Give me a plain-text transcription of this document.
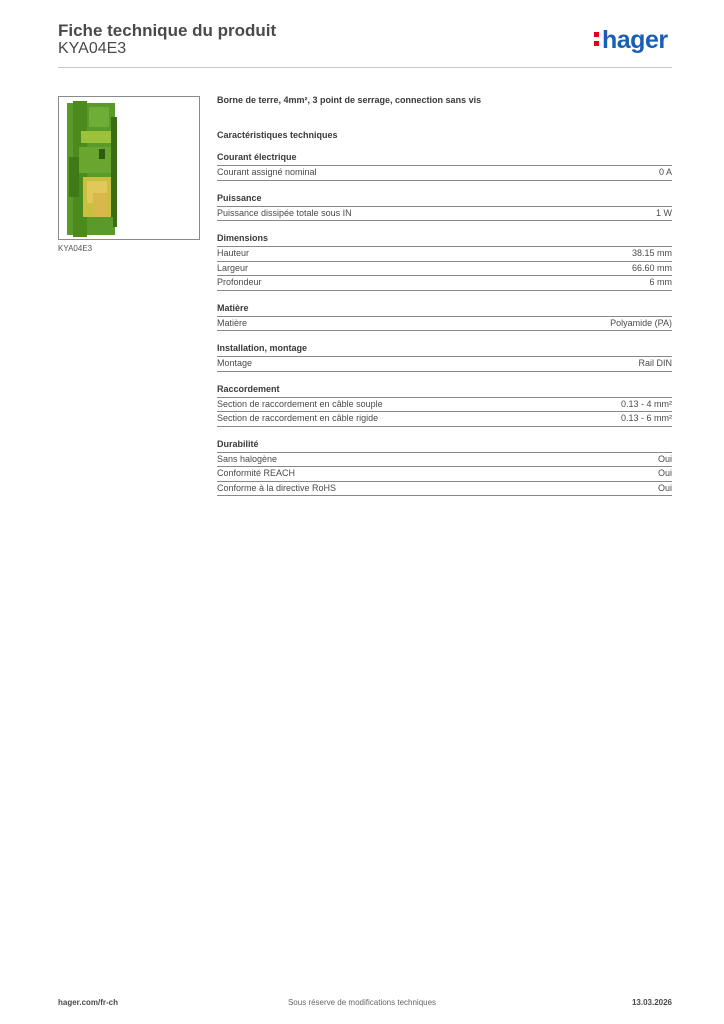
Fiche technique du produit
KYA04E3	hager
KYA04E3
Borne de terre, 4mm², 3 point de serrage, connection sans vis
Caractéristiques techniques
Courant électrique
Courant assigné nominal	0 A
Puissance
Puissance dissipée totale sous IN	1 W
Dimensions
Hauteur	38.15 mm
Largeur	66.60 mm
Profondeur	6 mm
Matière
Matière	Polyamide (PA)
Installation, montage
Montage	Rail DIN
Raccordement
Section de raccordement en câble souple	0.13 - 4 mm²
Section de raccordement en câble rigide	0.13 - 6 mm²
Durabilité
Sans halogène	Oui
Conformité REACH	Oui
Conforme à la directive RoHS	Oui
hager.com/fr-ch	Sous réserve de modifications techniques	13.03.2026
